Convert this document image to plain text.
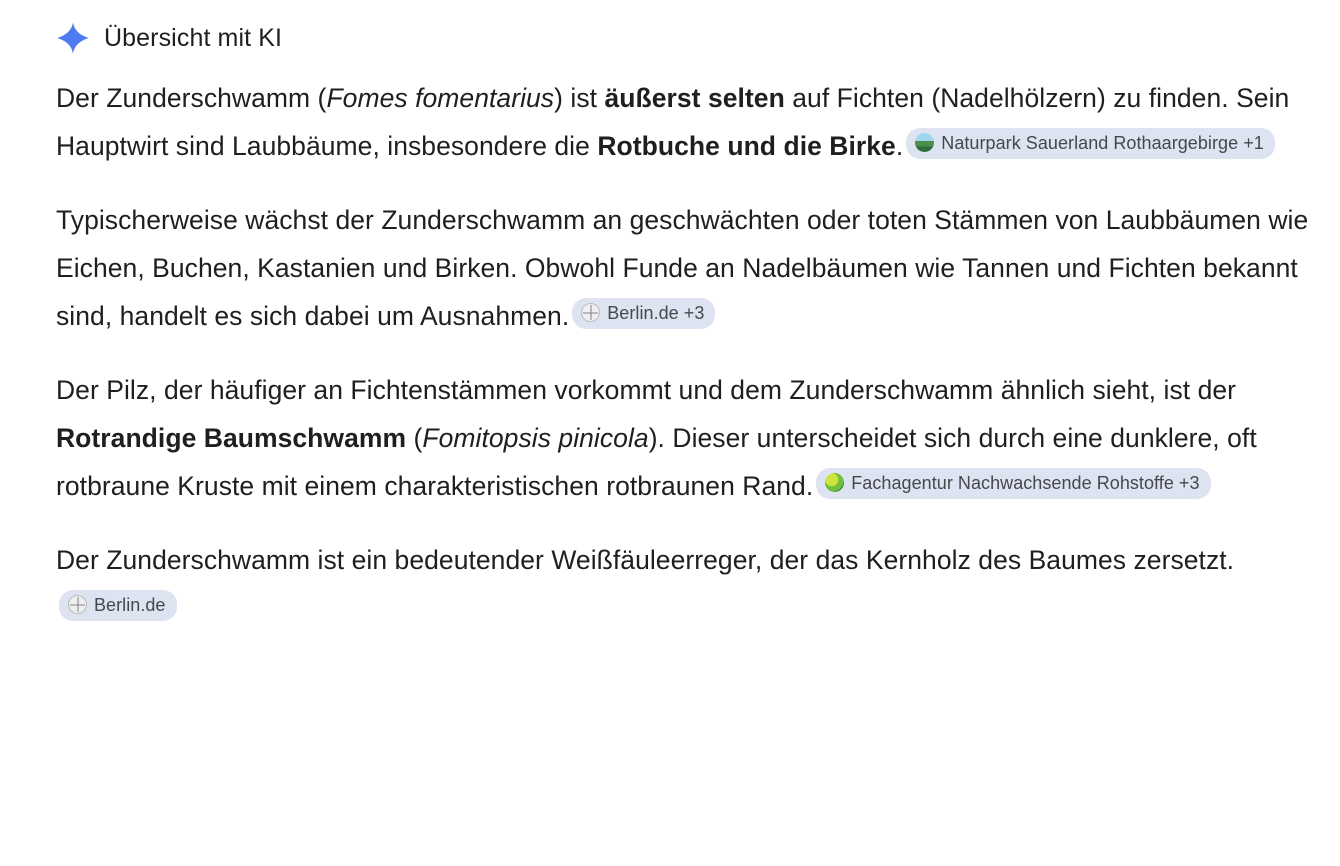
Übersicht mit KI

Der Zunderschwamm (Fomes fomentarius) ist äußerst selten auf Fichten (Nadelhölzern) zu finden. Sein Hauptwirt sind Laubbäume, insbesondere die Rotbuche und die Birke. Naturpark Sauerland Rothaargebirge +1

Typischerweise wächst der Zunderschwamm an geschwächten oder toten Stämmen von Laubbäumen wie Eichen, Buchen, Kastanien und Birken. Obwohl Funde an Nadelbäumen wie Tannen und Fichten bekannt sind, handelt es sich dabei um Ausnahmen. Berlin.de +3

Der Pilz, der häufiger an Fichtenstämmen vorkommt und dem Zunderschwamm ähnlich sieht, ist der Rotrandige Baumschwamm (Fomitopsis pinicola). Dieser unterscheidet sich durch eine dunklere, oft rotbraune Kruste mit einem charakteristischen rotbraunen Rand. Fachagentur Nachwachsende Rohstoffe +3

Der Zunderschwamm ist ein bedeutender Weißfäuleerreger, der das Kernholz des Baumes zersetzt.
Berlin.de
